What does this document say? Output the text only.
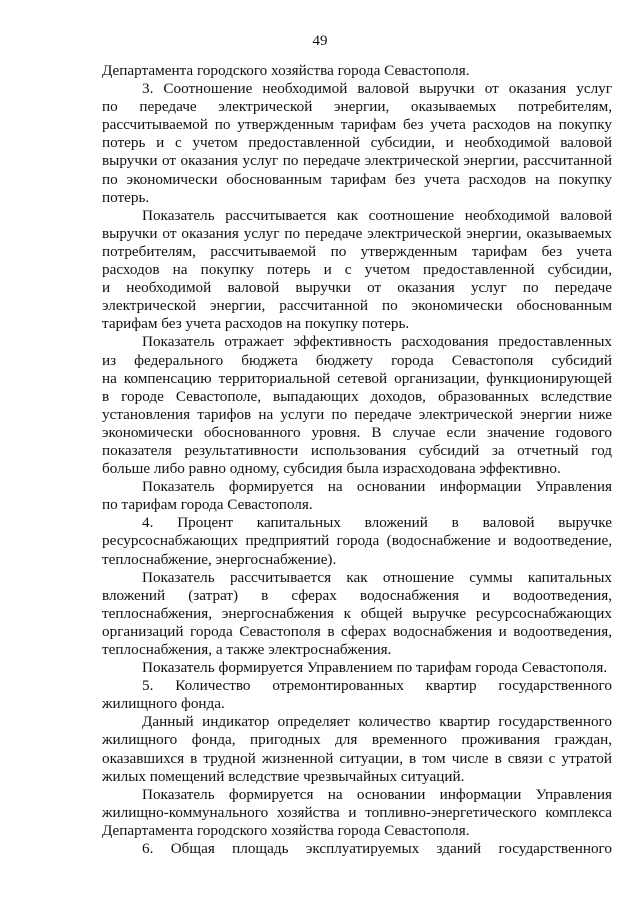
49
Департамента городского хозяйства города Севастополя.
3. Соотношение необходимой валовой выручки от оказания услуг
по передаче электрической энергии, оказываемых потребителям,
рассчитываемой по утвержденным тарифам без учета расходов на покупку
потерь и с учетом предоставленной субсидии, и необходимой валовой
выручки от оказания услуг по передаче электрической энергии, рассчитанной
по экономически обоснованным тарифам без учета расходов на покупку
потерь.
Показатель рассчитывается как соотношение необходимой валовой
выручки от оказания услуг по передаче электрической энергии, оказываемых
потребителям, рассчитываемой по утвержденным тарифам без учета
расходов на покупку потерь и с учетом предоставленной субсидии,
и необходимой валовой выручки от оказания услуг по передаче
электрической энергии, рассчитанной по экономически обоснованным
тарифам без учета расходов на покупку потерь.
Показатель отражает эффективность расходования предоставленных
из федерального бюджета бюджету города Севастополя субсидий
на компенсацию территориальной сетевой организации, функционирующей
в городе Севастополе, выпадающих доходов, образованных вследствие
установления тарифов на услуги по передаче электрической энергии ниже
экономически обоснованного уровня. В случае если значение годового
показателя результативности использования субсидий за отчетный год
больше либо равно одному, субсидия была израсходована эффективно.
Показатель формируется на основании информации Управления
по тарифам города Севастополя.
4. Процент капитальных вложений в валовой выручке
ресурсоснабжающих предприятий города (водоснабжение и водоотведение,
теплоснабжение, энергоснабжение).
Показатель рассчитывается как отношение суммы капитальных
вложений (затрат) в сферах водоснабжения и водоотведения,
теплоснабжения, энергоснабжения к общей выручке ресурсоснабжающих
организаций города Севастополя в сферах водоснабжения и водоотведения,
теплоснабжения, а также электроснабжения.
Показатель формируется Управлением по тарифам города Севастополя.
5. Количество отремонтированных квартир государственного
жилищного фонда.
Данный индикатор определяет количество квартир государственного
жилищного фонда, пригодных для временного проживания граждан,
оказавшихся в трудной жизненной ситуации, в том числе в связи с утратой
жилых помещений вследствие чрезвычайных ситуаций.
Показатель формируется на основании информации Управления
жилищно-коммунального хозяйства и топливно-энергетического комплекса
Департамента городского хозяйства города Севастополя.
6. Общая площадь эксплуатируемых зданий государственного
